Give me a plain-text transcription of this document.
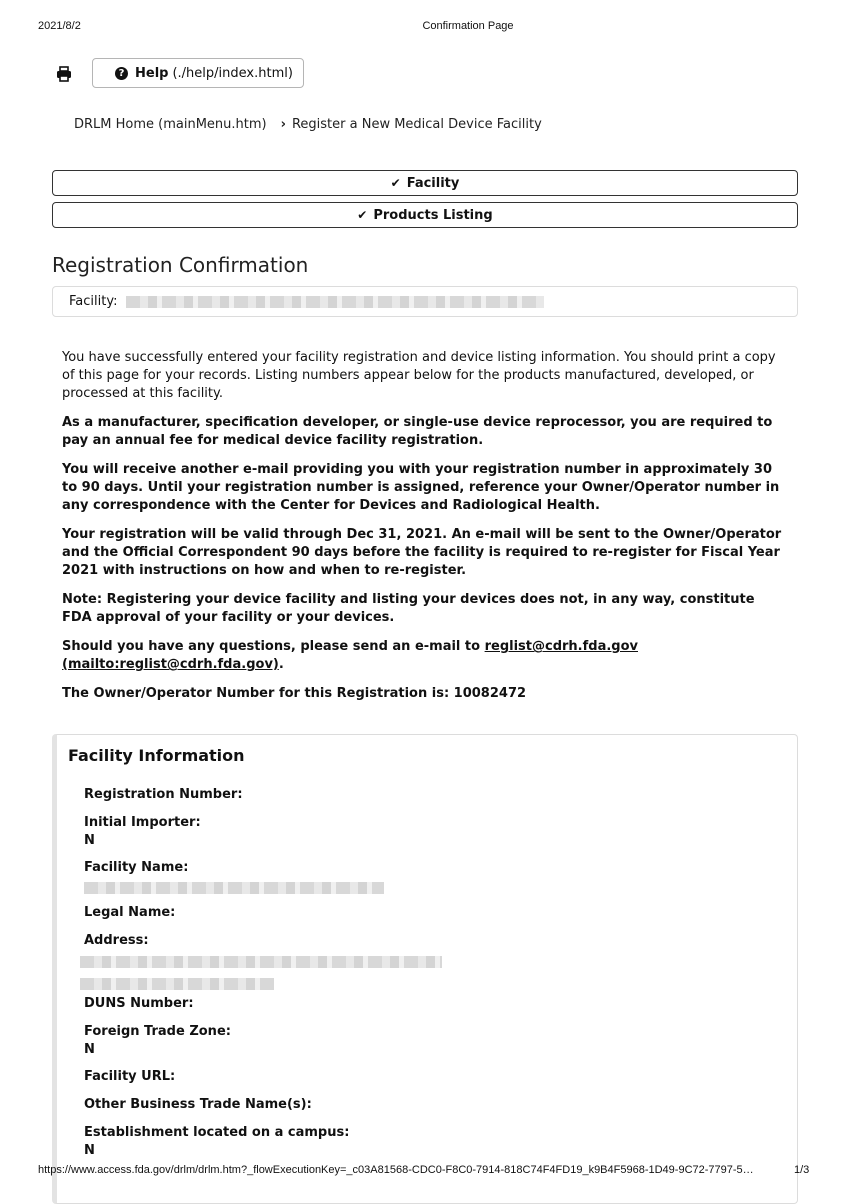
2021/8/2	Confirmation Page
? Help (./help/index.html)
DRLM Home (mainMenu.htm) › Register a New Medical Device Facility
✔ Facility
✔ Products Listing
Registration Confirmation
Facility:

You have successfully entered your facility registration and device listing information. You should print a copy of this page for your records. Listing numbers appear below for the products manufactured, developed, or processed at this facility.

As a manufacturer, specification developer, or single-use device reprocessor, you are required to pay an annual fee for medical device facility registration.

You will receive another e-mail providing you with your registration number in approximately 30 to 90 days. Until your registration number is assigned, reference your Owner/Operator number in any correspondence with the Center for Devices and Radiological Health.

Your registration will be valid through Dec 31, 2021. An e-mail will be sent to the Owner/Operator and the Official Correspondent 90 days before the facility is required to re-register for Fiscal Year 2021 with instructions on how and when to re-register.

Note: Registering your device facility and listing your devices does not, in any way, constitute FDA approval of your facility or your devices.

Should you have any questions, please send an e-mail to reglist@cdrh.fda.gov (mailto:reglist@cdrh.fda.gov).

The Owner/Operator Number for this Registration is: 10082472

Facility Information
Registration Number:
Initial Importer:
N
Facility Name:
Legal Name:
Address:
DUNS Number:
Foreign Trade Zone:
N
Facility URL:
Other Business Trade Name(s):
Establishment located on a campus:
N
https://www.access.fda.gov/drlm/drlm.htm?_flowExecutionKey=_c03A81568-CDC0-F8C0-7914-818C74F4FD19_k9B4F5968-1D49-9C72-7797-5…	1/3
